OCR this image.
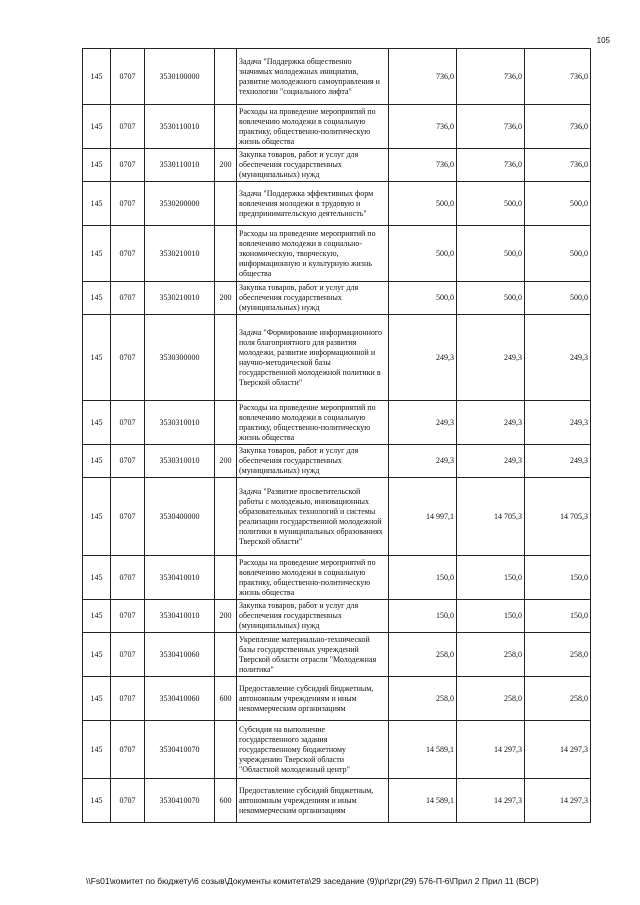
105
145	0707	3530100000		Задача "Поддержка общественно значимых молодежных инициатив, развитие молодежного самоуправления и технологии "социального лифта"	736,0	736,0	736,0
145	0707	3530110010		Расходы на проведение мероприятий по вовлечению молодежи в социальную практику, общественно-политическую жизнь общества	736,0	736,0	736,0
145	0707	3530110010	200	Закупка товаров, работ и услуг для обеспечения государственных (муниципальных) нужд	736,0	736,0	736,0
145	0707	3530200000		Задача "Поддержка эффективных форм вовлечения молодежи в трудовую и предпринимательскую деятельность"	500,0	500,0	500,0
145	0707	3530210010		Расходы на проведение мероприятий по вовлечению молодежи в социально-экономическую, творческую, информационную и культурную жизнь общества	500,0	500,0	500,0
145	0707	3530210010	200	Закупка товаров, работ и услуг для обеспечения государственных (муниципальных) нужд	500,0	500,0	500,0
145	0707	3530300000		Задача "Формирование информационного поля благоприятного для развития молодежи, развитие информационной и научно-методической базы государственной молодежной политики в Тверской области"	249,3	249,3	249,3
145	0707	3530310010		Расходы на проведение мероприятий по вовлечению молодежи в социальную практику, общественно-политическую жизнь общества	249,3	249,3	249,3
145	0707	3530310010	200	Закупка товаров, работ и услуг для обеспечения государственных (муниципальных) нужд	249,3	249,3	249,3
145	0707	3530400000		Задача "Развитие просветительской работы с молодежью, инновационных образовательных технологий и системы реализации государственной молодежной политики в муниципальных образованиях Тверской области"	14 997,1	14 705,3	14 705,3
145	0707	3530410010		Расходы на проведение мероприятий по вовлечению молодежи в социальную практику, общественно-политическую жизнь общества	150,0	150,0	150,0
145	0707	3530410010	200	Закупка товаров, работ и услуг для обеспечения государственных (муниципальных) нужд	150,0	150,0	150,0
145	0707	3530410060		Укрепление материально-технической базы государственных учреждений Тверской области отрасли "Молодежная политика"	258,0	258,0	258,0
145	0707	3530410060	600	Предоставление субсидий бюджетным, автономным учреждениям и иным некоммерческим организациям	258,0	258,0	258,0
145	0707	3530410070		Субсидия на выполнение государственного задания государственному бюджетному учреждению Тверской области "Областной молодежный центр"	14 589,1	14 297,3	14 297,3
145	0707	3530410070	600	Предоставление субсидий бюджетным, автономным учреждениям и иным некоммерческим организациям	14 589,1	14 297,3	14 297,3
\\Fs01\комитет по бюджету\6 созыв\Документы комитета\29 заседание (9)\pr\zpr(29) 576-П-6\Прил 2 Прил 11 (ВСР)
